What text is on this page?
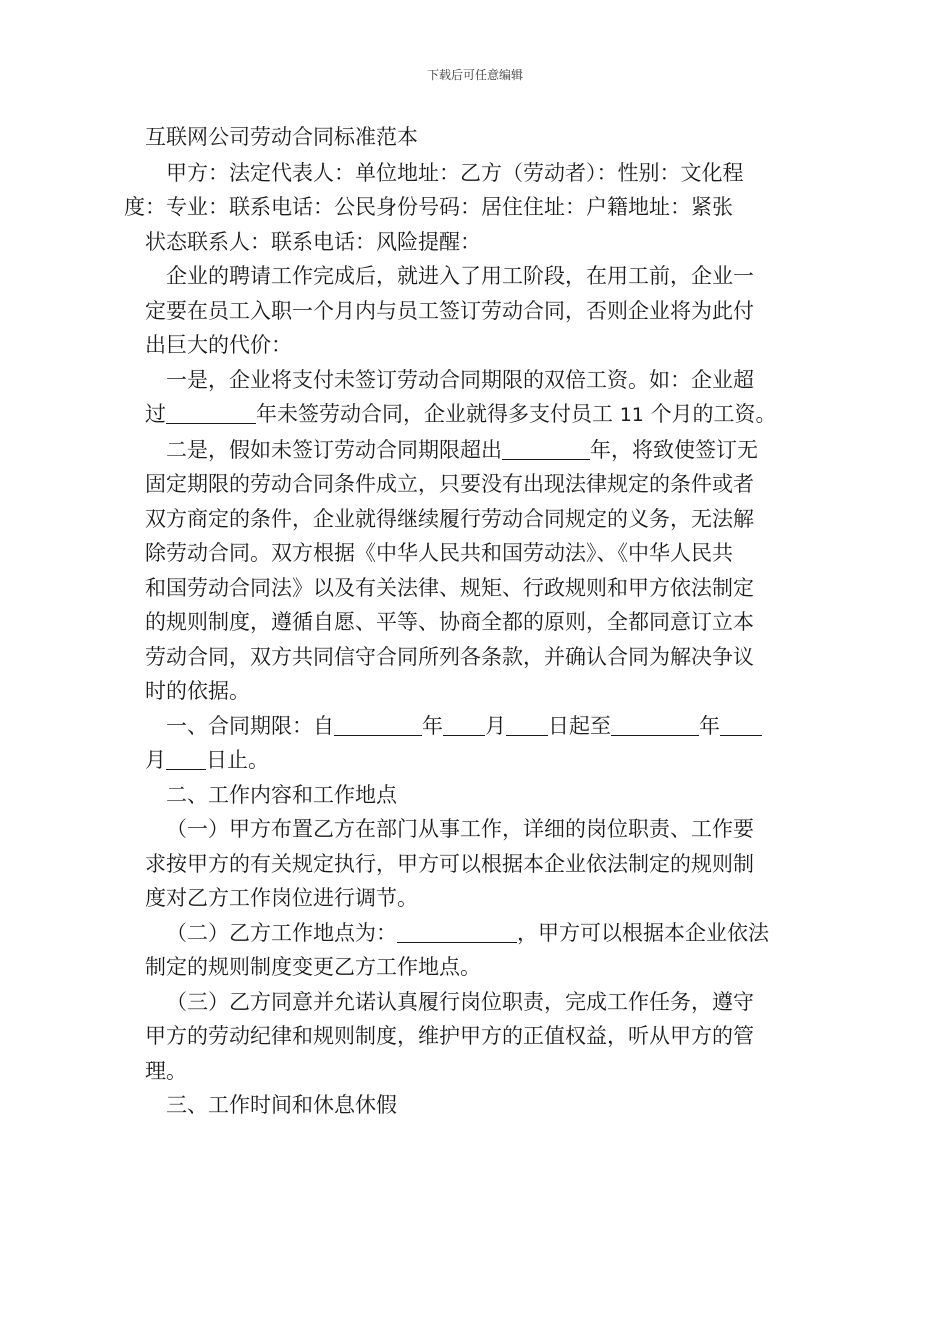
下载后可任意编辑

互联网公司劳动合同标准范本

甲方：法定代表人：单位地址：乙方（劳动者）：性别：文化程
度：专业：联系电话：公民身份号码：居住住址：户籍地址：紧张
状态联系人：联系电话：风险提醒：

企业的聘请工作完成后，就进入了用工阶段，在用工前，企业一
定要在员工入职一个月内与员工签订劳动合同，否则企业将为此付
出巨大的代价：

一是，企业将支付未签订劳动合同期限的双倍工资。如：企业超
过	年未签劳动合同，企业就得多支付员工 11 个月的工资。

二是，假如未签订劳动合同期限超出	年，将致使签订无
固定期限的劳动合同条件成立，只要没有出现法律规定的条件或者
双方商定的条件，企业就得继续履行劳动合同规定的义务，无法解
除劳动合同。双方根据《中华人民共和国劳动法》、《中华人民共
和国劳动合同法》以及有关法律、规矩、行政规则和甲方依法制定
的规则制度，遵循自愿、平等、协商全都的原则，全都同意订立本
劳动合同，双方共同信守合同所列各条款，并确认合同为解决争议
时的依据。

一、合同期限：自	年 月 日起至	年
月 日止。

二、工作内容和工作地点

（一）甲方布置乙方在部门从事工作，详细的岗位职责、工作要
求按甲方的有关规定执行，甲方可以根据本企业依法制定的规则制
度对乙方工作岗位进行调节。

（二）乙方工作地点为：	，甲方可以根据本企业依法
制定的规则制度变更乙方工作地点。

（三）乙方同意并允诺认真履行岗位职责，完成工作任务，遵守
甲方的劳动纪律和规则制度，维护甲方的正值权益，听从甲方的管
理。

三、工作时间和休息休假
